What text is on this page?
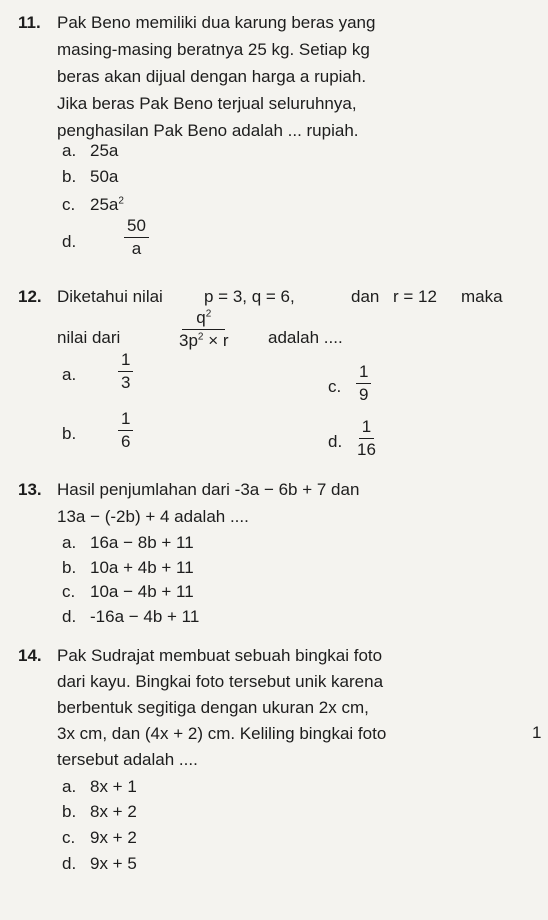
11. Pak Beno memiliki dua karung beras yang
masing-masing beratnya 25 kg. Setiap kg
beras akan dijual dengan harga a rupiah.
Jika beras Pak Beno terjual seluruhnya,
penghasilan Pak Beno adalah ... rupiah.
a. 25a
b. 50a
c. $25a^2$
d.	$\frac{50}{a}$
12. Diketahui nilai p = 3, q = 6,	dan r = 12 maka
nilai dari	$\frac{q^2}{3p^2 \times r}$ adalah ....
a. $\frac{1}{3}$	c. $\frac{1}{9}$
b. $\frac{1}{6}$	d. $\frac{1}{16}$
13. Hasil penjumlahan dari -3a − 6b + 7 dan
13a − (-2b) + 4 adalah ....
a. 16a − 8b + 11
b. 10a + 4b + 11
c. 10a − 4b + 11
d. -16a − 4b + 11
14. Pak Sudrajat membuat sebuah bingkai foto
dari kayu. Bingkai foto tersebut unik karena
berbentuk segitiga dengan ukuran 2x cm,
3x cm, dan (4x + 2) cm. Keliling bingkai foto
tersebut adalah ....
1
a. 8x + 1
b. 8x + 2
c. 9x + 2
d. 9x + 5
